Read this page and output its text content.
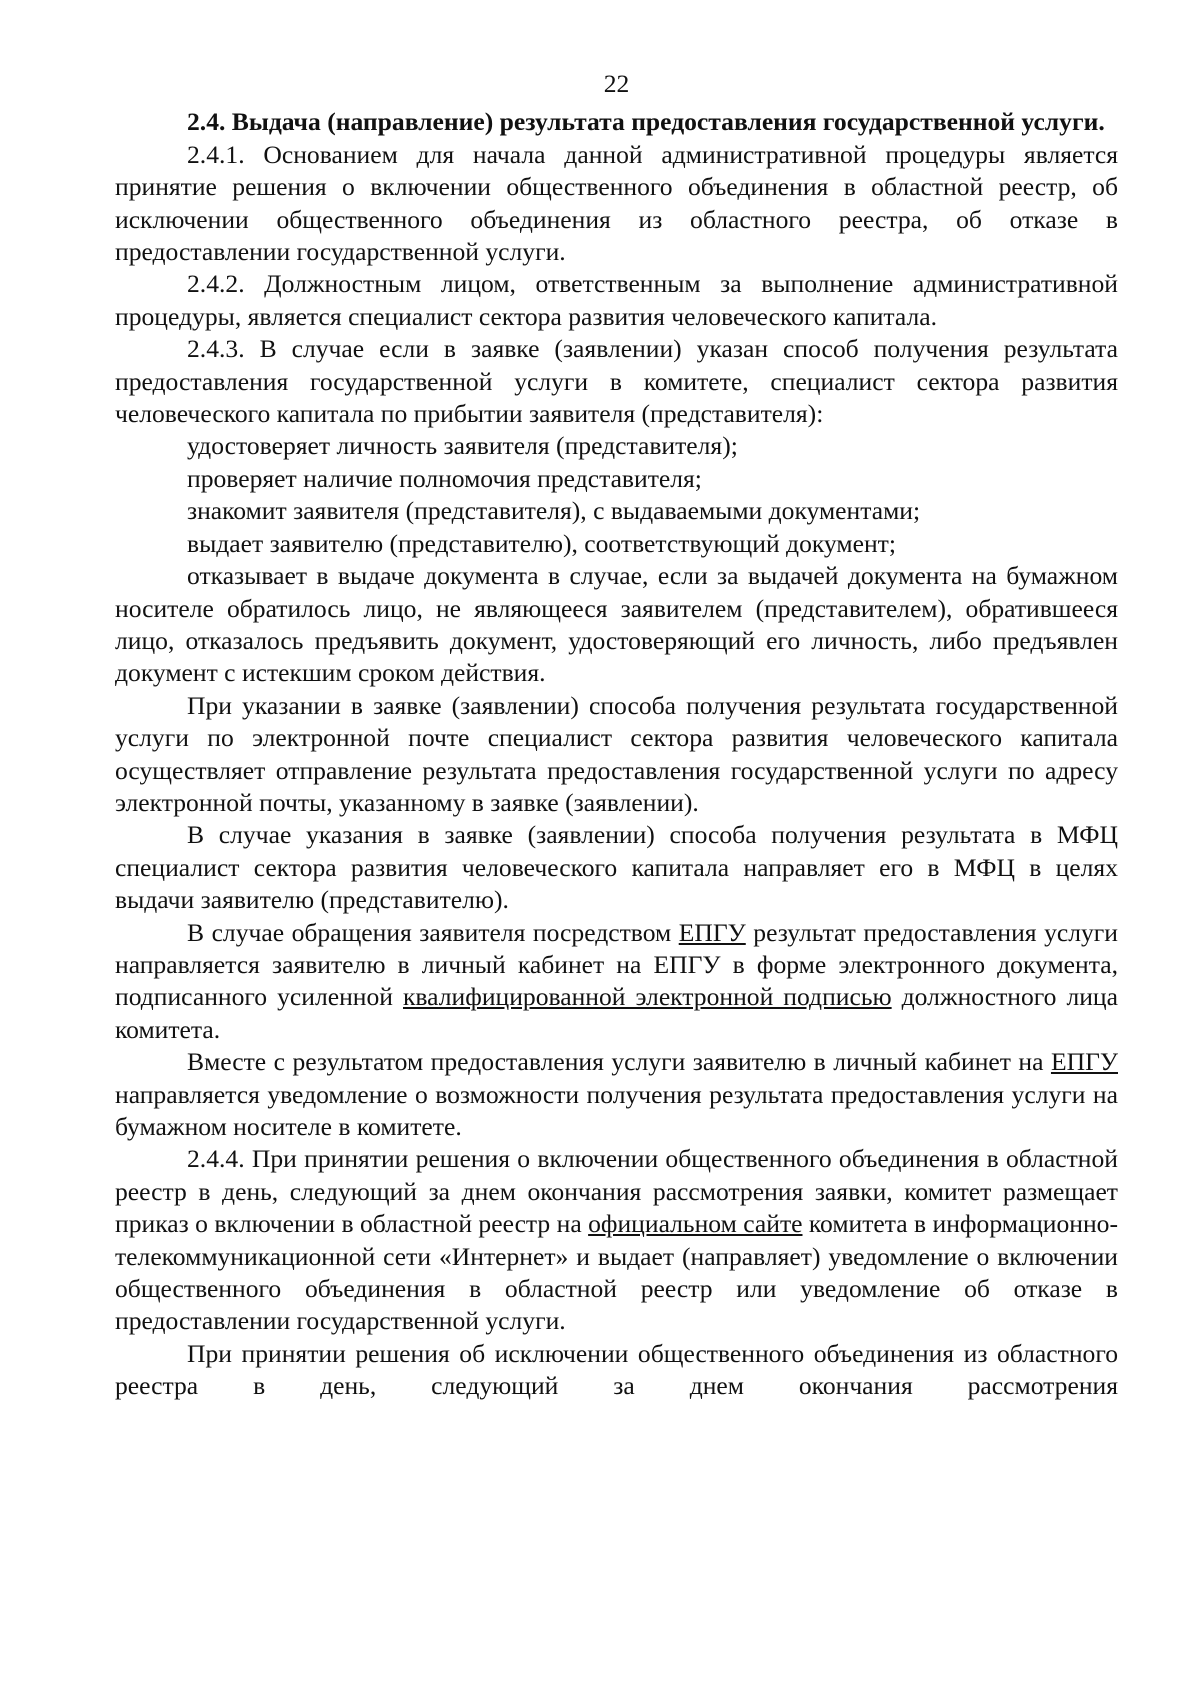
22

2.4. Выдача (направление) результата предоставления государственной услуги.

2.4.1. Основанием для начала данной административной процедуры является принятие решения о включении общественного объединения в областной реестр, об исключении общественного объединения из областного реестра, об отказе в предоставлении государственной услуги.

2.4.2. Должностным лицом, ответственным за выполнение административной процедуры, является специалист сектора развития человеческого капитала.

2.4.3. В случае если в заявке (заявлении) указан способ получения результата предоставления государственной услуги в комитете, специалист сектора развития человеческого капитала по прибытии заявителя (представителя):

удостоверяет личность заявителя (представителя);

проверяет наличие полномочия представителя;

знакомит заявителя (представителя), с выдаваемыми документами;

выдает заявителю (представителю), соответствующий документ;

отказывает в выдаче документа в случае, если за выдачей документа на бумажном носителе обратилось лицо, не являющееся заявителем (представителем), обратившееся лицо, отказалось предъявить документ, удостоверяющий его личность, либо предъявлен документ с истекшим сроком действия.

При указании в заявке (заявлении) способа получения результата государственной услуги по электронной почте специалист сектора развития человеческого капитала осуществляет отправление результата предоставления государственной услуги по адресу электронной почты, указанному в заявке (заявлении).

В случае указания в заявке (заявлении) способа получения результата в МФЦ специалист сектора развития человеческого капитала направляет его в МФЦ в целях выдачи заявителю (представителю).

В случае обращения заявителя посредством ЕПГУ результат предоставления услуги направляется заявителю в личный кабинет на ЕПГУ в форме электронного документа, подписанного усиленной квалифицированной электронной подписью должностного лица комитета.

Вместе с результатом предоставления услуги заявителю в личный кабинет на ЕПГУ направляется уведомление о возможности получения результата предоставления услуги на бумажном носителе в комитете.

2.4.4. При принятии решения о включении общественного объединения в областной реестр в день, следующий за днем окончания рассмотрения заявки, комитет размещает приказ о включении в областной реестр на официальном сайте комитета в информационно-телекоммуникационной сети «Интернет» и выдает (направляет) уведомление о включении общественного объединения в областной реестр или уведомление об отказе в предоставлении государственной услуги.

При принятии решения об исключении общественного объединения из областного реестра в день, следующий за днем окончания рассмотрения
